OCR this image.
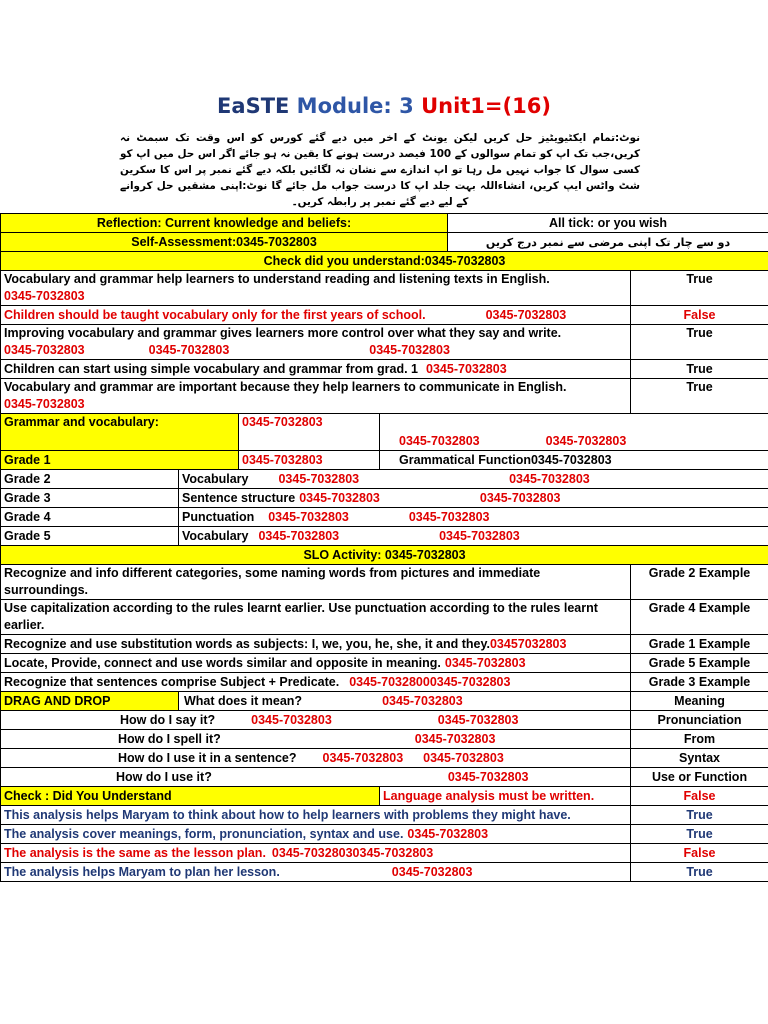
EaSTE Module: 3 Unit1=(16)
نوٹ:تمام ایکٹیویٹیز حل کریں لیکن یونٹ کے اخر میں دیے گئے کورس کو اس وقت تک سبمٹ نہ کریں،جب تک اپ کو تمام سوالوں کے 100 فیصد درست ہونے کا یقین نہ ہو جائے اگر اس حل میں اپ کو کسی سوال کا جواب نہیں مل رہا تو اپ اندازے سے نشان نہ لگائیں بلکہ دیے گئے نمبر پر اس کا سکرین شٹ واٹس ایپ کریں، انشاءاللہ بہت جلد اپ کا درست جواب مل جائے گا نوٹ:اپنی مشقیں حل کروانے کے لیے دیے گئے نمبر پر رابطہ کریں۔
Reflection: Current knowledge and beliefs:				All tick: or you wish	
Self-Assessment:0345-7032803				دو سے چار تک اپنی مرضی سے نمبر درج کریں	
Check did you understand:0345-7032803					

Vocabulary and grammar help learners to understand reading and listening texts in English.
0345-7032803					True
Children should be taught vocabulary only for the first years of school. 0345-7032803					False

Improving vocabulary and grammar gives learners more control over what they say and write.
0345-7032803 0345-7032803 0345-7032803					True
Children can start using simple vocabulary and grammar from grad. 1 0345-7032803					True

Vocabulary and grammar are important because they help learners to communicate in English.
0345-7032803					True
Grammar and vocabulary:		0345-7032803	0345-7032803 0345-7032803		
Grade 1		0345-7032803	Grammatical Function0345-7032803		
Grade 2	Vocabulary 0345-7032803 0345-7032803				
Grade 3	Sentence structure 0345-7032803 0345-7032803				
Grade 4	Punctuation 0345-7032803 0345-7032803				
Grade 5	Vocabulary 0345-7032803 0345-7032803				
SLO Activity: 0345-7032803					
Recognize and info different categories, some naming words from pictures and immediate surroundings.					Grade 2 Example
Use capitalization according to the rules learnt earlier. Use punctuation according to the rules learnt earlier.					Grade 4 Example
Recognize and use substitution words as subjects: I, we, you, he, she, it and they.03457032803					Grade 1 Example
Locate, Provide, connect and use words similar and opposite in meaning. 0345-7032803					Grade 5 Example
Recognize that sentences comprise Subject + Predicate. 0345-70328000345-7032803					Grade 3 Example
DRAG AND DROP	What does it mean? 0345-7032803				Meaning
How do I say it? 0345-7032803 0345-7032803					Pronunciation
How do I spell it? 0345-7032803					From
How do I use it in a sentence? 0345-7032803 0345-7032803					Syntax
How do I use it? 0345-7032803					Use or Function
Check : Did You Understand			Language analysis must be written.		False
This analysis helps Maryam to think about how to help learners with problems they might have.					True
The analysis cover meanings, form, pronunciation, syntax and use. 0345-7032803					True
The analysis is the same as the lesson plan. 0345-70328030345-7032803					False
The analysis helps Maryam to plan her lesson. 0345-7032803					True
